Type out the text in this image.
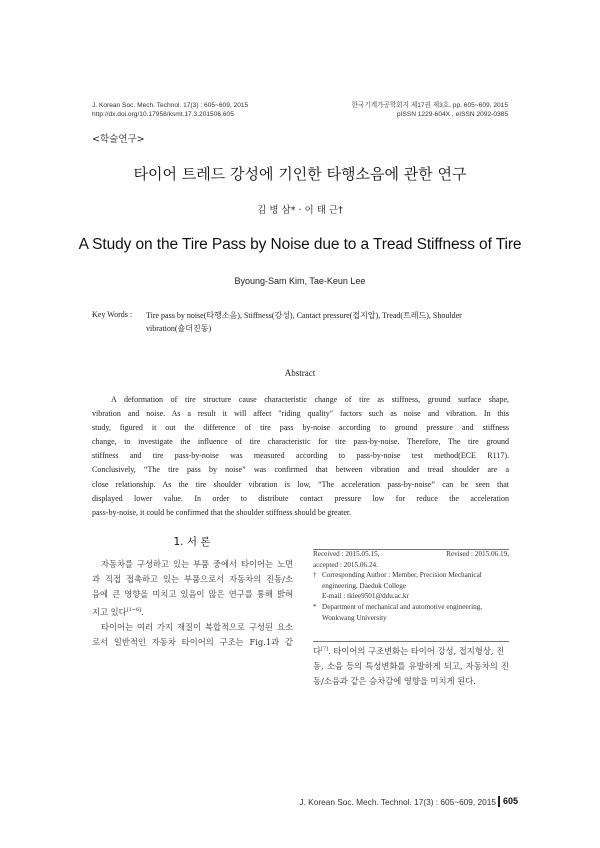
J. Korean Soc. Mech. Technol. 17(3) : 605~609, 2015
http://dx.doi.org/10.17958/ksmt.17.3.201506.605
한국기계가공학회지 제17권 제3호, pp. 605~609, 2015
pISSN 1229-604X , eISSN 2092-0385
<학술연구>
타이어 트레드 강성에 기인한 타행소음에 관한 연구
김 병 삼* · 이 태 근†
A Study on the Tire Pass by Noise due to a Tread Stiffness of Tire
Byoung-Sam Kim, Tae-Keun Lee
Key Words : Tire pass by noise(타행소음), Stiffness(강성), Cantact pressure(접지압), Tread(트레드), Shoulder
vibration(숄더진동)
Abstract
A deformation of tire structure cause characteristic change of tire as stiffness, ground surface shape,
vibration and noise. As a result it will affect "riding quality" factors such as noise and vibration. In this
study, figured it out the difference of tire pass by-noise according to ground pressure and stiffness
change, to investigate the influence of tire characteristic for tire pass-by-noise. Therefore, The tire ground
stiffness and tire pass-by-noise was measured according to pass-by-noise test method(ECE R117).
Conclusively, “The tire pass by noise” was confirmed that between vibration and tread shoulder are a
close relationship. As the tire shoulder vibration is low, “The acceleration pass-by-noise” can be seen that
displayed lower value. In order to distribute contact pressure low for reduce the acceleration
pass-by-noise, it could be confirmed that the shoulder stiffness should be greater.
1. 서 론
자동차를 구성하고 있는 부품 중에서 타이어는 노면
과 직접 접촉하고 있는 부품으로서 자동차의 진동/소
음에 큰 영향을 미치고 있음이 많은 연구를 통해 밝혀
지고 있다[1~6].
타이어는 여러 가지 재질이 복합적으로 구성된 요소
로서 일반적인 자동차 타이어의 구조는 Fig.1과 같
Received : 2015.05.15,	Revised : 2015.06.19,
accepted : 2015.06.24.
† Corresponding Author : Member, Precision Mechanical
engineering, Daeduk College
E-mail : tklee9501@ddu.ac.kr
* Department of mechanical and automotive engineering,
Wonkwang University
다[7]. 타이어의 구조변화는 타이어 강성, 접지형상, 진
동, 소음 등의 특성변화를 유발하게 되고, 자동차의 진
동/소음과 같은 승차감에 영향을 미치게 된다.
J. Korean Soc. Mech. Technol. 17(3) : 605~609, 2015 605
